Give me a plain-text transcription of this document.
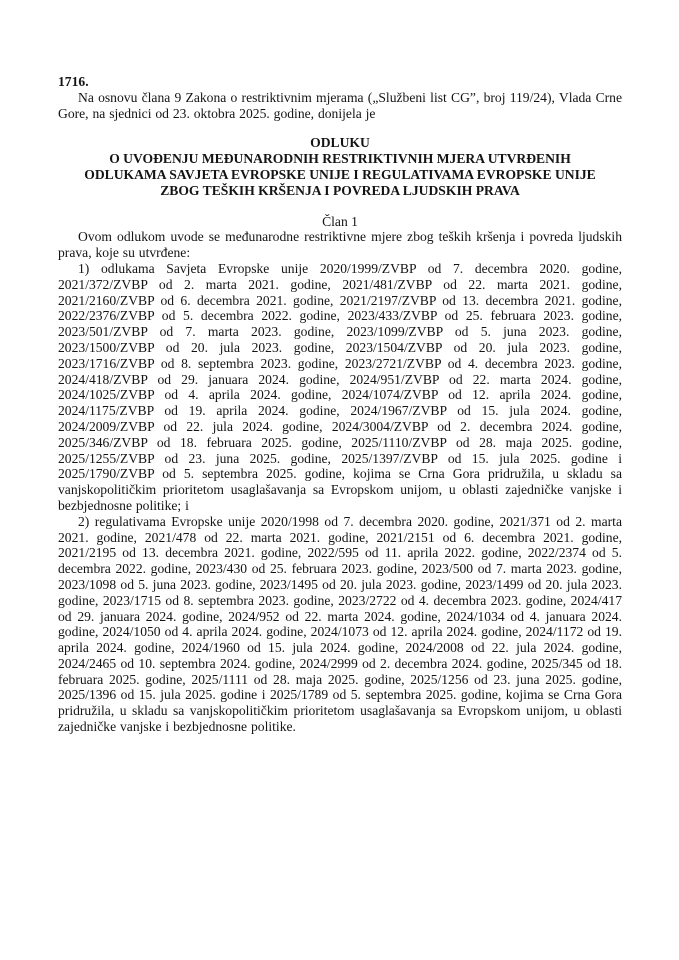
1716.

Na osnovu člana 9 Zakona o restriktivnim mjerama („Službeni list CG”, broj 119/24), Vlada Crne Gore, na sjednici od 23. oktobra 2025. godine, donijela je

ODLUKU

O UVOĐENJU MEĐUNARODNIH RESTRIKTIVNIH MJERA UTVRĐENIH

ODLUKAMA SAVJETA EVROPSKE UNIJE I REGULATIVAMA EVROPSKE UNIJE

ZBOG TEŠKIH KRŠENJA I POVREDA LJUDSKIH PRAVA

Član 1

Ovom odlukom uvode se međunarodne restriktivne mjere zbog teških kršenja i povreda ljudskih prava, koje su utvrđene:

1) odlukama Savjeta Evropske unije 2020/1999/ZVBP od 7. decembra 2020. godine, 2021/372/ZVBP od 2. marta 2021. godine, 2021/481/ZVBP od 22. marta 2021. godine, 2021/2160/ZVBP od 6. decembra 2021. godine, 2021/2197/ZVBP od 13. decembra 2021. godine, 2022/2376/ZVBP od 5. decembra 2022. godine, 2023/433/ZVBP od 25. februara 2023. godine, 2023/501/ZVBP od 7. marta 2023. godine, 2023/1099/ZVBP od 5. juna 2023. godine, 2023/1500/ZVBP od 20. jula 2023. godine, 2023/1504/ZVBP od 20. jula 2023. godine, 2023/1716/ZVBP od 8. septembra 2023. godine, 2023/2721/ZVBP od 4. decembra 2023. godine, 2024/418/ZVBP od 29. januara 2024. godine, 2024/951/ZVBP od 22. marta 2024. godine, 2024/1025/ZVBP od 4. aprila 2024. godine, 2024/1074/ZVBP od 12. aprila 2024. godine, 2024/1175/ZVBP od 19. aprila 2024. godine, 2024/1967/ZVBP od 15. jula 2024. godine, 2024/2009/ZVBP od 22. jula 2024. godine, 2024/3004/ZVBP od 2. decembra 2024. godine, 2025/346/ZVBP od 18. februara 2025. godine, 2025/1110/ZVBP od 28. maja 2025. godine, 2025/1255/ZVBP od 23. juna 2025. godine, 2025/1397/ZVBP od 15. jula 2025. godine i 2025/1790/ZVBP od 5. septembra 2025. godine, kojima se Crna Gora pridružila, u skladu sa vanjskopolitičkim prioritetom usaglašavanja sa Evropskom unijom, u oblasti zajedničke vanjske i bezbjednosne politike; i

2) regulativama Evropske unije 2020/1998 od 7. decembra 2020. godine, 2021/371 od 2. marta 2021. godine, 2021/478 od 22. marta 2021. godine, 2021/2151 od 6. decembra 2021. godine, 2021/2195 od 13. decembra 2021. godine, 2022/595 od 11. aprila 2022. godine, 2022/2374 od 5. decembra 2022. godine, 2023/430 od 25. februara 2023. godine, 2023/500 od 7. marta 2023. godine, 2023/1098 od 5. juna 2023. godine, 2023/1495 od 20. jula 2023. godine, 2023/1499 od 20. jula 2023. godine, 2023/1715 od 8. septembra 2023. godine, 2023/2722 od 4. decembra 2023. godine, 2024/417 od 29. januara 2024. godine, 2024/952 od 22. marta 2024. godine, 2024/1034 od 4. januara 2024. godine, 2024/1050 od 4. aprila 2024. godine, 2024/1073 od 12. aprila 2024. godine, 2024/1172 od 19. aprila 2024. godine, 2024/1960 od 15. jula 2024. godine, 2024/2008 od 22. jula 2024. godine, 2024/2465 od 10. septembra 2024. godine, 2024/2999 od 2. decembra 2024. godine, 2025/345 od 18. februara 2025. godine, 2025/1111 od 28. maja 2025. godine, 2025/1256 od 23. juna 2025. godine, 2025/1396 od 15. jula 2025. godine i 2025/1789 od 5. septembra 2025. godine, kojima se Crna Gora pridružila, u skladu sa vanjskopolitičkim prioritetom usaglašavanja sa Evropskom unijom, u oblasti zajedničke vanjske i bezbjednosne politike.
